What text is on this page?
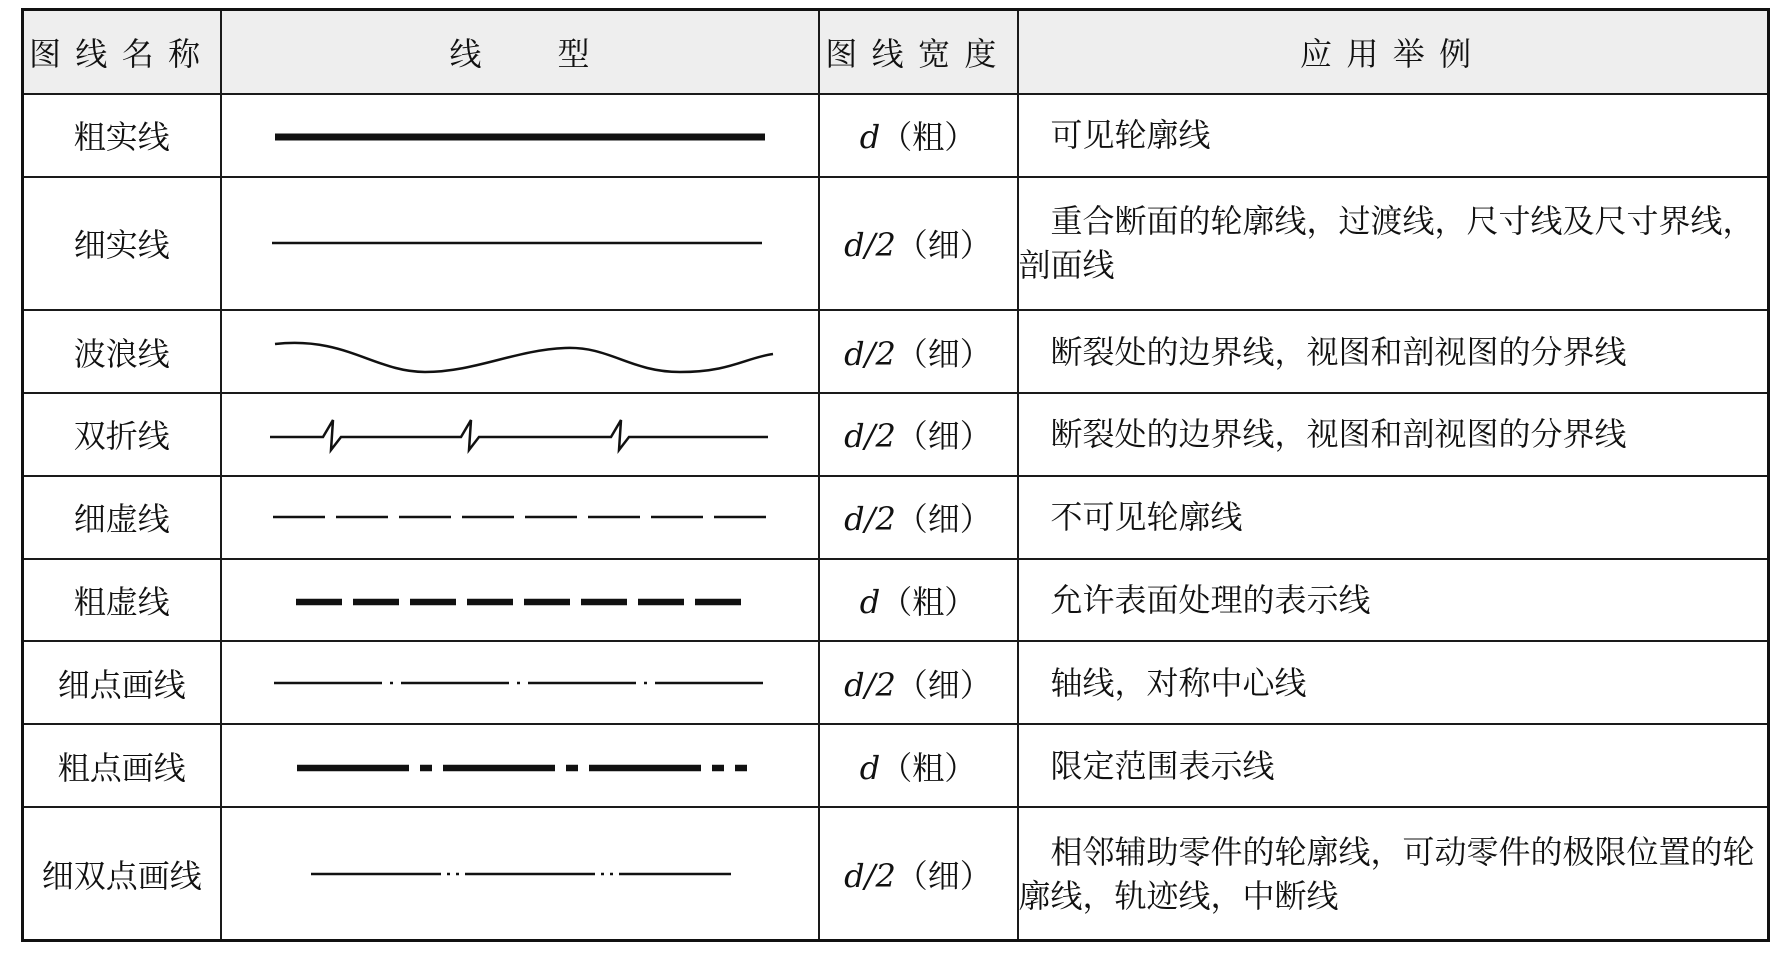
图线名称	线 型	图线宽度	应用举例
粗实线		d（粗）	可见轮廓线
细实线		d/2（细）	重合断面的轮廓线，过渡线，尺寸线及尺寸界线，剖面线
波浪线		d/2（细）	断裂处的边界线，视图和剖视图的分界线
双折线		d/2（细）	断裂处的边界线，视图和剖视图的分界线
细虚线		d/2（细）	不可见轮廓线
粗虚线		d（粗）	允许表面处理的表示线
细点画线		d/2（细）	轴线，对称中心线
粗点画线		d（粗）	限定范围表示线
细双点画线		d/2（细）	相邻辅助零件的轮廓线，可动零件的极限位置的轮廓线，轨迹线，中断线
